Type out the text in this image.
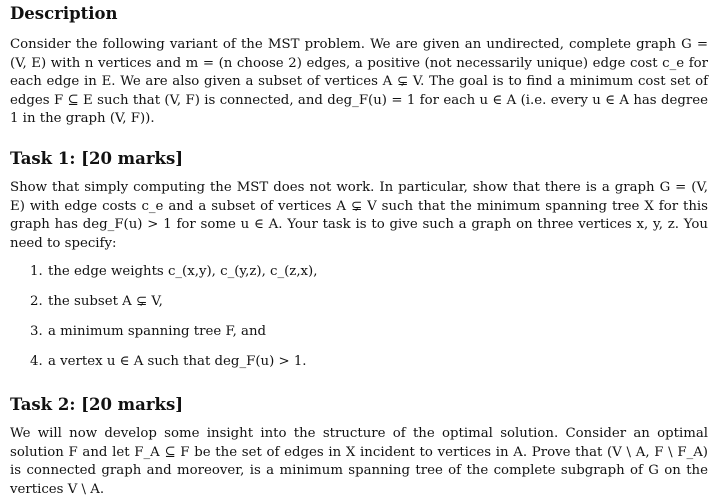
Description

Consider the following variant of the MST problem. We are given an undirected, complete graph G = (V, E) with n vertices and m = (n choose 2) edges, a positive (not necessarily unique) edge cost c_e for each edge in E. We are also given a subset of vertices A ⊊ V. The goal is to find a minimum cost set of edges F ⊆ E such that (V, F) is connected, and deg_F(u) = 1 for each u ∈ A (i.e. every u ∈ A has degree 1 in the graph (V, F)).

Task 1: [20 marks]

Show that simply computing the MST does not work. In particular, show that there is a graph G = (V, E) with edge costs c_e and a subset of vertices A ⊊ V such that the minimum spanning tree X for this graph has deg_F(u) > 1 for some u ∈ A. Your task is to give such a graph on three vertices x, y, z. You need to specify:

1. the edge weights c_(x,y), c_(y,z), c_(z,x),
2. the subset A ⊊ V,
3. a minimum spanning tree F, and
4. a vertex u ∈ A such that deg_F(u) > 1.
Task 2: [20 marks]

We will now develop some insight into the structure of the optimal solution. Consider an optimal solution F and let F_A ⊆ F be the set of edges in X incident to vertices in A. Prove that (V \ A, F \ F_A) is connected graph and moreover, is a minimum spanning tree of the complete subgraph of G on the vertices V \ A.
